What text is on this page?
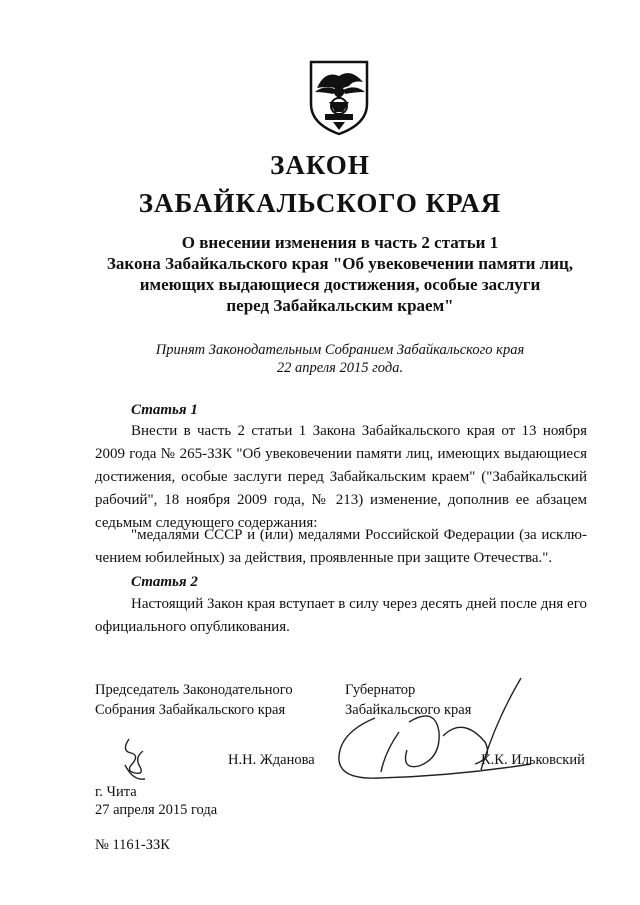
ЗАКОН
ЗАБАЙКАЛЬСКОГО КРАЯ
О внесении изменения в часть 2 статьи 1
Закона Забайкальского края "Об увековечении памяти лиц,
имеющих выдающиеся достижения, особые заслуги
перед Забайкальским краем"
Принят Законодательным Собранием Забайкальского края
22 апреля 2015 года.
Статья 1

Внести в часть 2 статьи 1 Закона Забайкальского края от 13 ноября 2009 года № 265-ЗЗК "Об увековечении памяти лиц, имеющих выдающиеся достижения, особые заслуги перед Забайкальским краем" ("Забайкальский рабочий", 18 ноября 2009 года, № 213) изменение, дополнив ее абзацем седьмым следующего содержания:

"медалями СССР и (или) медалями Российской Федерации (за исклю-чением юбилейных) за действия, проявленные при защите Отечества.".

Статья 2

Настоящий Закон края вступает в силу через десять дней после дня его официального опубликования.

Председатель Законодательного
Собрания Забайкальского края
Губернатор
Забайкальского края
Н.Н. Жданова	К.К. Ильковский
г. Чита
27 апреля 2015 года
№ 1161-ЗЗК
